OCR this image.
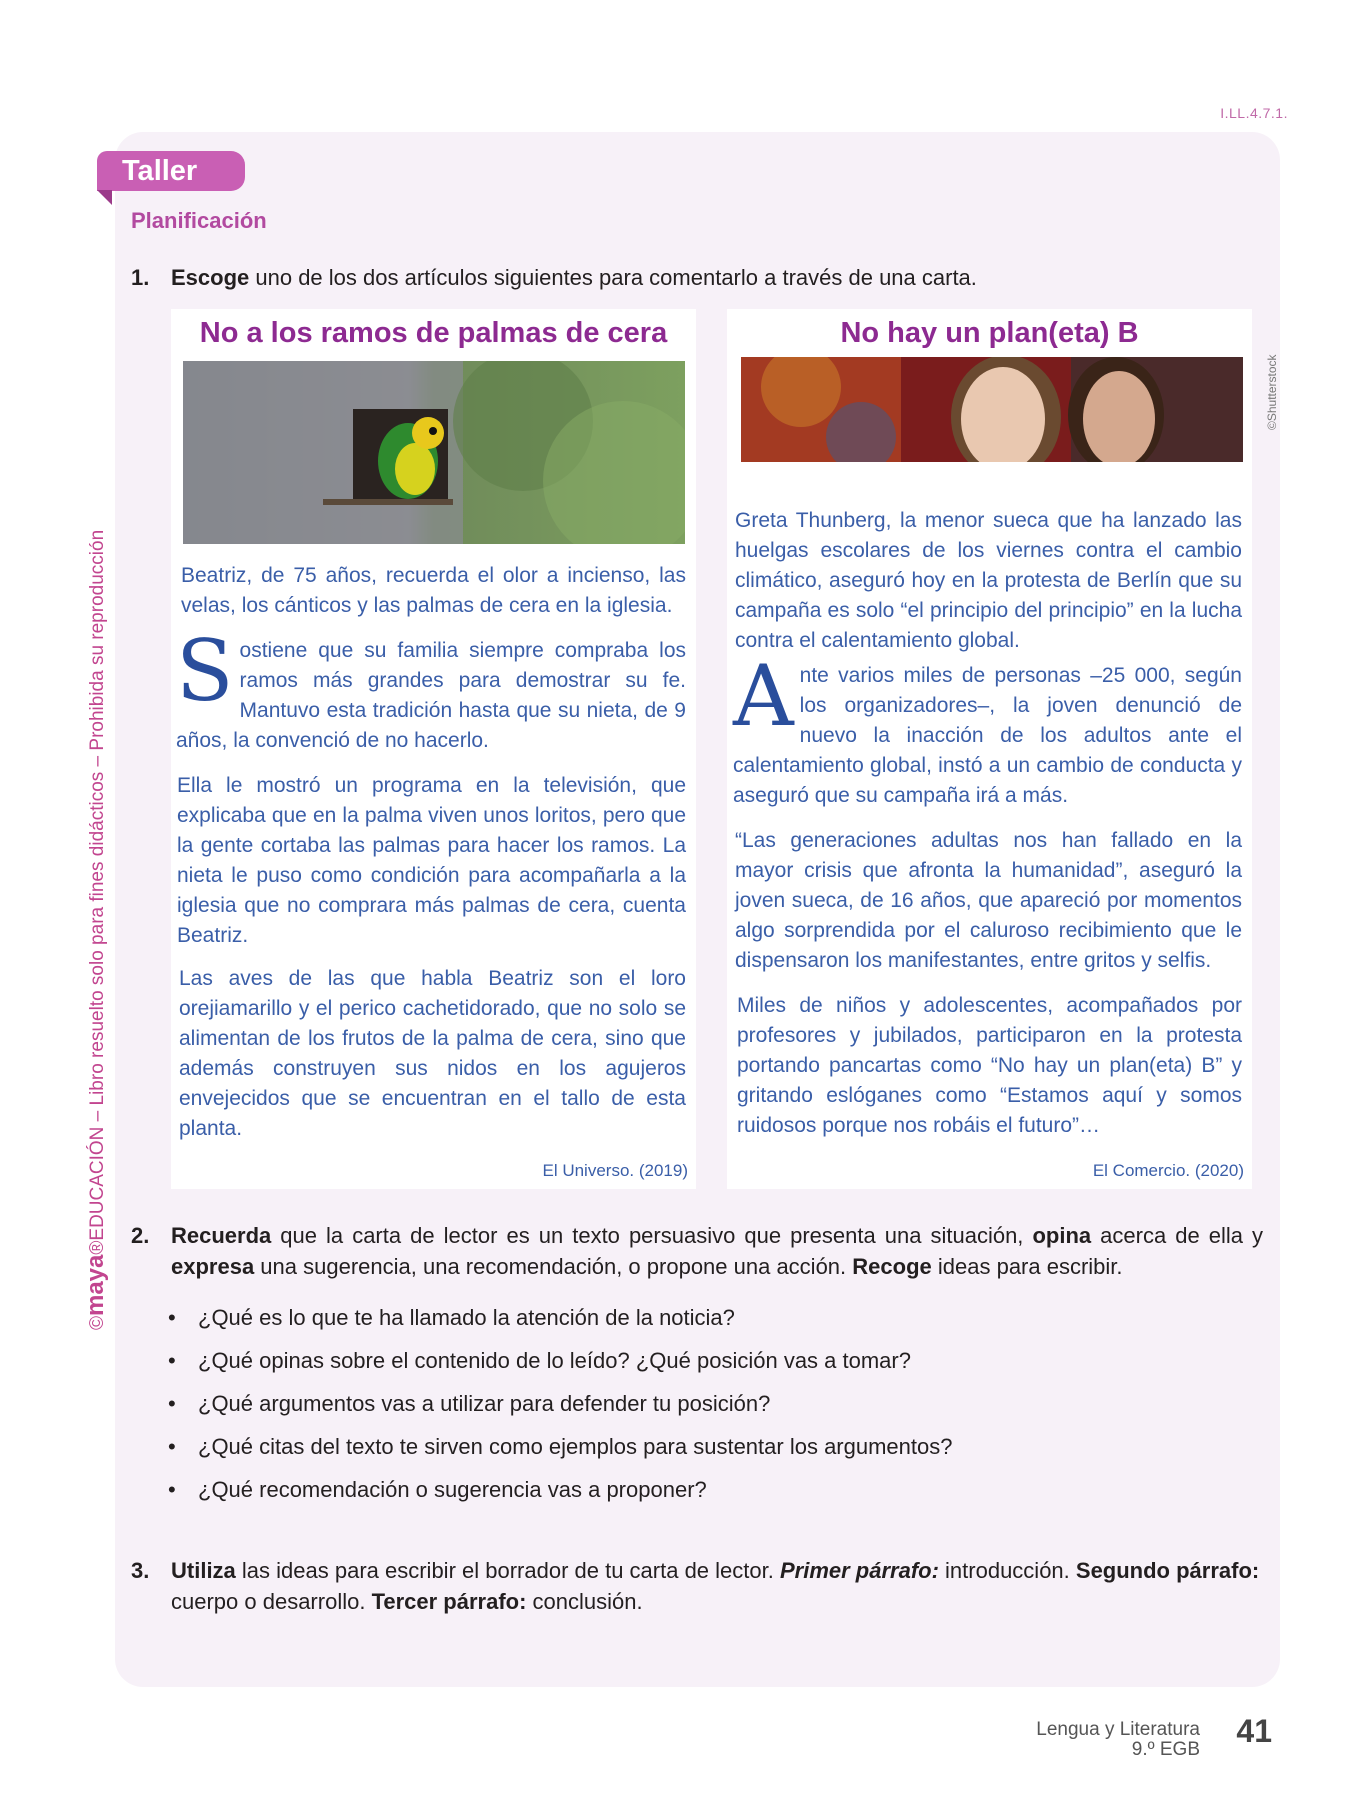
I.LL.4.7.1.
©maya®EDUCACIÓN – Libro resuelto solo para fines didácticos – Prohibida su reproducción
Taller
Planificación
1. Escoge uno de los dos artículos siguientes para comentarlo a través de una carta.
No a los ramos de palmas de cera
Beatriz, de 75 años, recuerda el olor a incienso, las velas, los cánticos y las palmas de cera en la iglesia.
Sostiene que su familia siempre compraba los ramos más grandes para demostrar su fe. Mantuvo esta tradición hasta que su nieta, de 9 años, la convenció de no hacerlo.
Ella le mostró un programa en la televisión, que explicaba que en la palma viven unos loritos, pero que la gente cortaba las palmas para hacer los ramos. La nieta le puso como condición para acompañarla a la iglesia que no comprara más palmas de cera, cuenta Beatriz.
Las aves de las que habla Beatriz son el loro orejiamarillo y el perico cachetidorado, que no solo se alimentan de los frutos de la palma de cera, sino que además construyen sus nidos en los agujeros envejecidos que se encuentran en el tallo de esta planta.
El Universo. (2019)
No hay un plan(eta) B
Greta Thunberg, la menor sueca que ha lanzado las huelgas escolares de los viernes contra el cambio climático, aseguró hoy en la protesta de Berlín que su campaña es solo “el principio del principio” en la lucha contra el calentamiento global.
Ante varios miles de personas –25 000, según los organizadores–, la joven denunció de nuevo la inacción de los adultos ante el calentamiento global, instó a un cambio de conducta y aseguró que su campaña irá a más.
“Las generaciones adultas nos han fallado en la mayor crisis que afronta la humanidad”, aseguró la joven sueca, de 16 años, que apareció por momentos algo sorprendida por el caluroso recibimiento que le dispensaron los manifestantes, entre gritos y selfis.
Miles de niños y adolescentes, acompañados por profesores y jubilados, participaron en la protesta portando pancartas como “No hay un plan(eta) B” y gritando eslóganes como “Estamos aquí y somos ruidosos porque nos robáis el futuro”…
El Comercio. (2020)
©Shutterstock
2. Recuerda que la carta de lector es un texto persuasivo que presenta una situación, opina acerca de ella y expresa una sugerencia, una recomendación, o propone una acción. Recoge ideas para escribir.
• ¿Qué es lo que te ha llamado la atención de la noticia?
• ¿Qué opinas sobre el contenido de lo leído? ¿Qué posición vas a tomar?
• ¿Qué argumentos vas a utilizar para defender tu posición?
• ¿Qué citas del texto te sirven como ejemplos para sustentar los argumentos?
• ¿Qué recomendación o sugerencia vas a proponer?
3. Utiliza las ideas para escribir el borrador de tu carta de lector. Primer párrafo: introducción. Segundo párrafo: cuerpo o desarrollo. Tercer párrafo: conclusión.
Lengua y Literatura
9.º EGB
41
